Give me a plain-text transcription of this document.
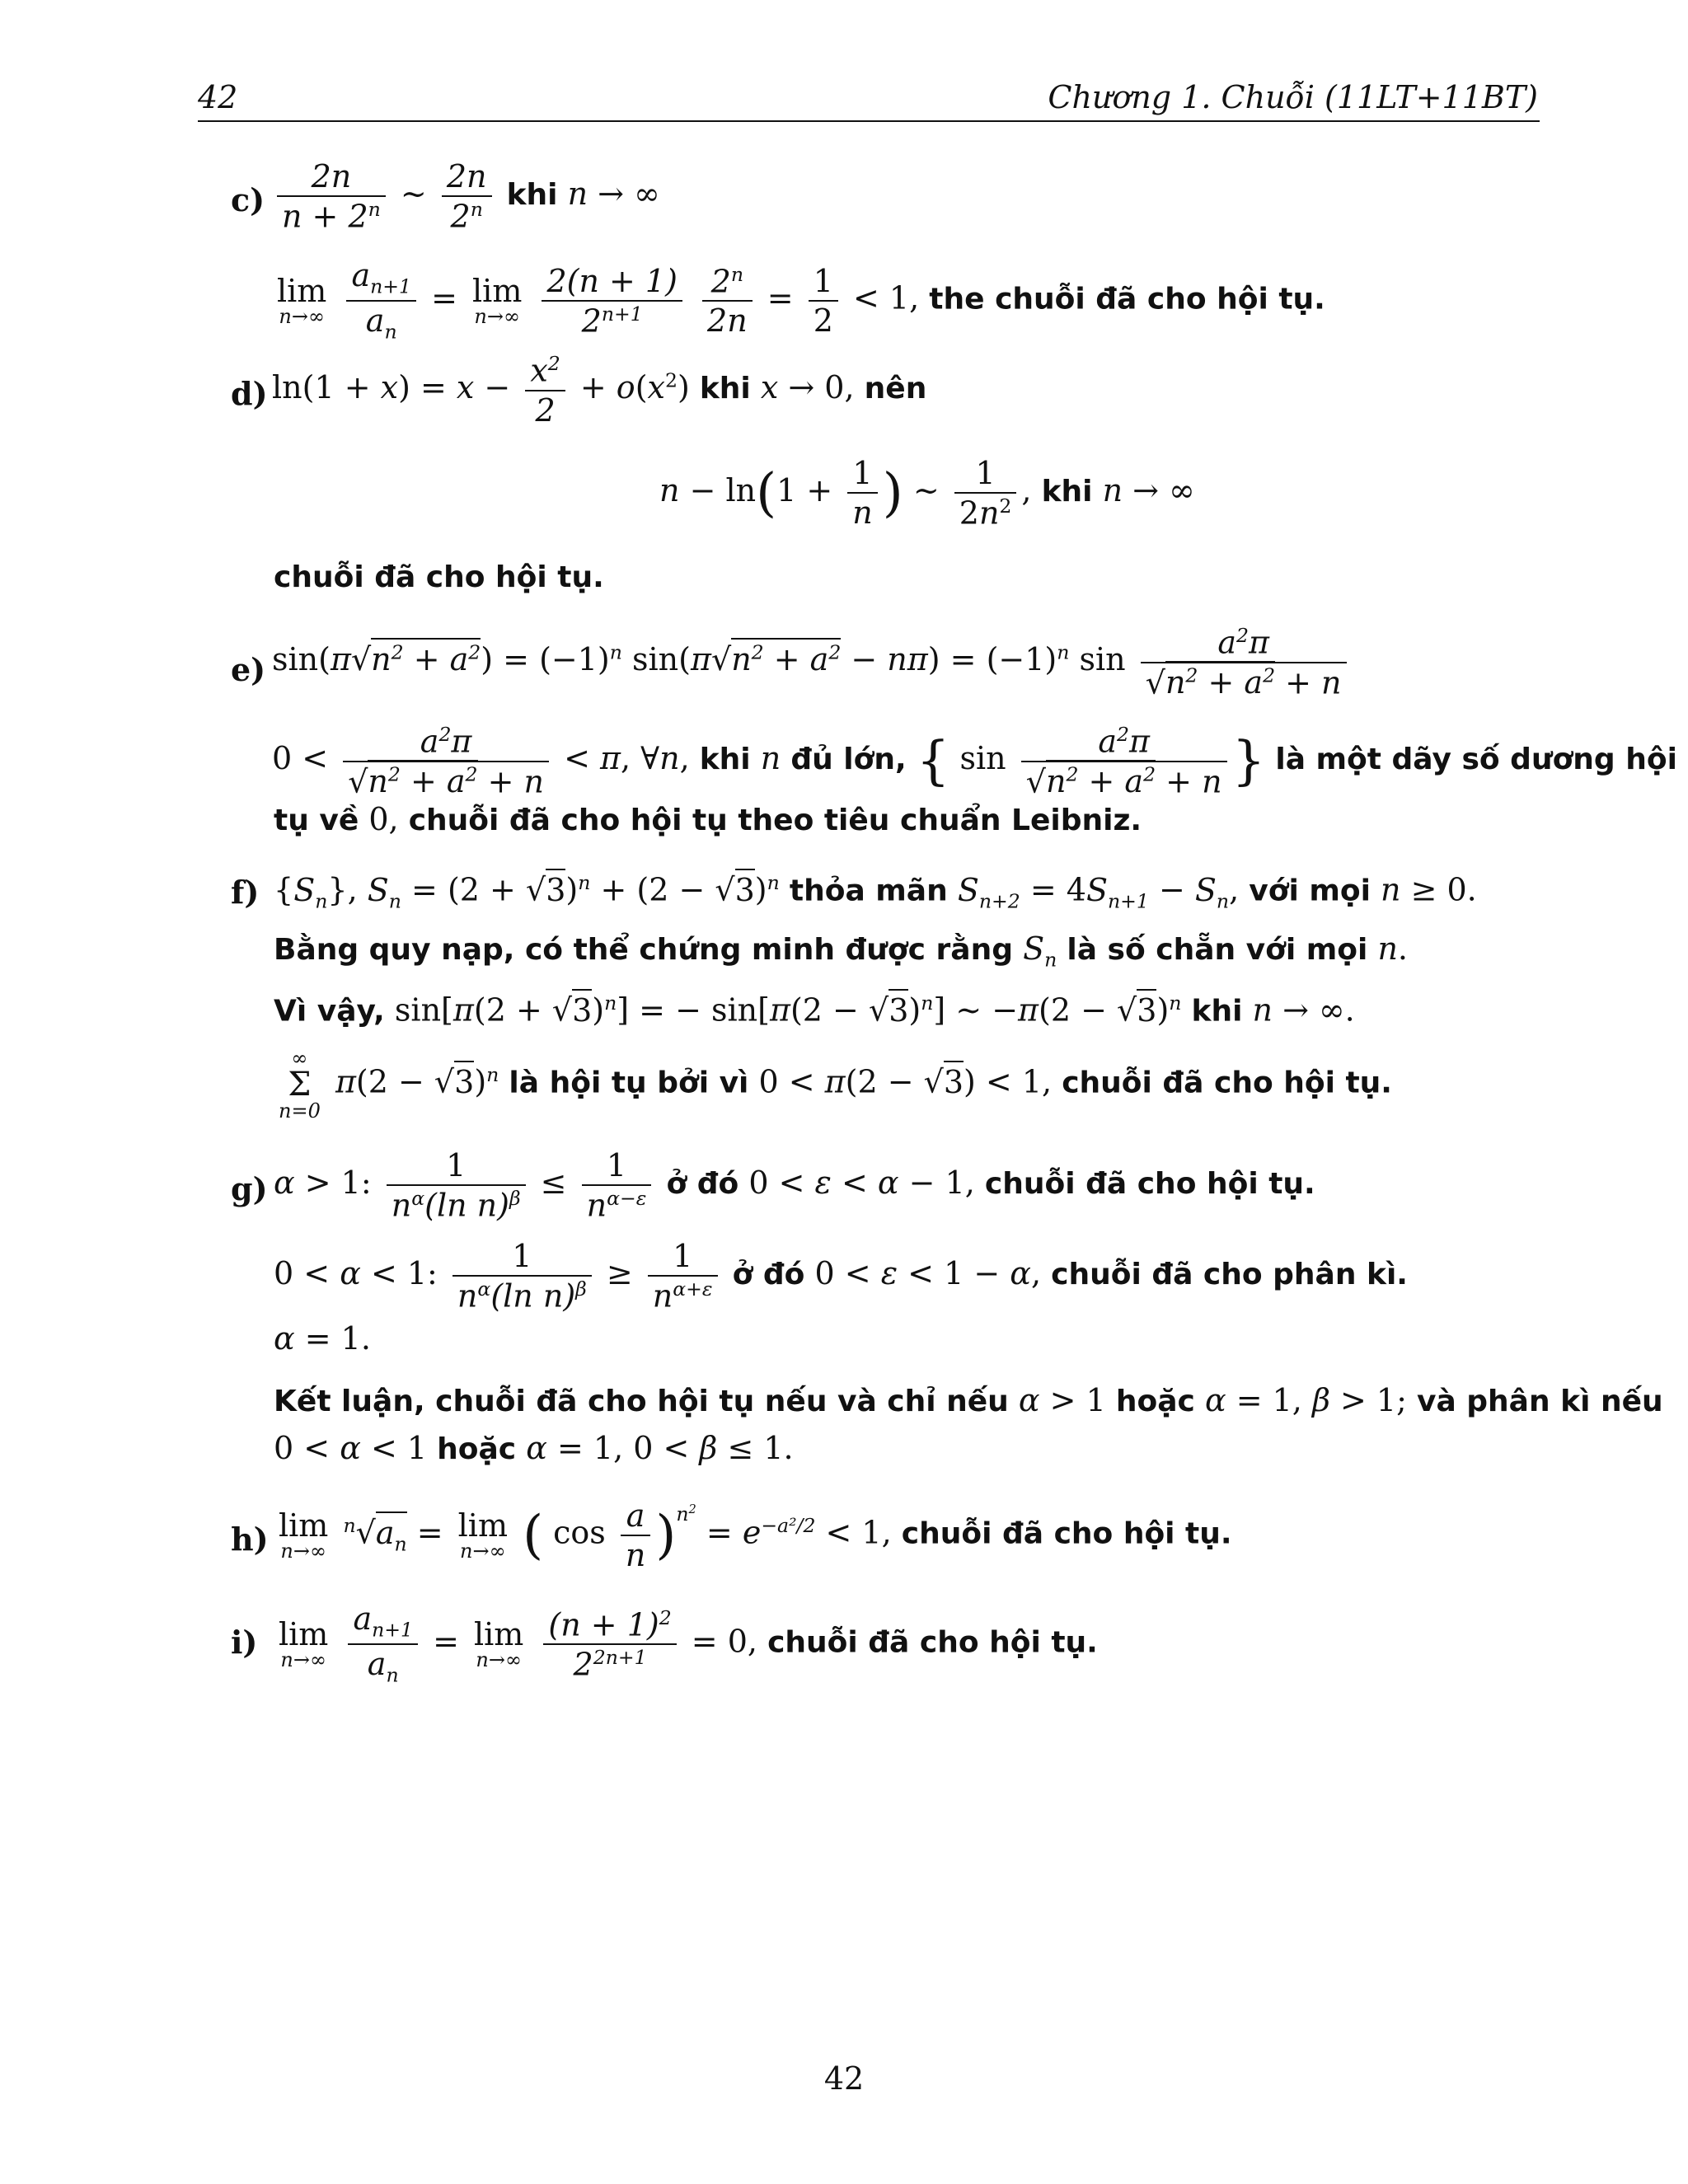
42	Chương 1. Chuỗi (11LT+11BT)
$c) \frac{2n}{n + 2^n}$ ∼ $\frac{2n}{2^n}$ khi n → ∞
lim
n→∞
$\frac{a_{n+1}}{a_n} = \lim$
n→∞
$\frac{2(n + 1)}{2^{n+1}}$
$\frac{2^n}{2n} = \frac{1}{2} < 1$, the chuỗi đã cho hội tụ.
d) $\ln(1 + x) = x - \frac{x^2}{2} + o(x^2)$ khi x → 0, nên
$n - \ln(1 + \frac{1}{n}$ ) ∼ $\frac{1}{2n^2}$ , khi n → ∞
chuỗi đã cho hội tụ.
e) $\sin(\pi√n^2 + a^2) = (-1)^n$ $\sin(\pi√n^2 + a^2 - n\pi) = (-1)^n$ $\sin \frac{a^2\pi}{√n^2 + a^2 + n}$
$0 < \frac{a^2\pi}{√n^2 + a^2 + n} < \pi$, ∀n, khi n đủ lớn, { $\sin \frac{a^2\pi}{√n^2 + a^2 + n}$ } là một dãy số dương hội
tụ về 0, chuỗi đã cho hội tụ theo tiêu chuẩn Leibniz.
f) $\{S_n\}$, $S_n = (2 + √3)^n + (2 - √3)^n$ thỏa mãn $S_{n+2} = 4S_{n+1} - S_n$, với mọi n ≥ 0.
Bằng quy nạp, có thể chứng minh được rằng $S_n$ là số chẵn với mọi n.
Vì vậy, $\sin[\pi(2 + √3)^n]$ = − $\sin[\pi(2 - √3)^n]$ ∼ $-\pi(2 - √3)^n$ khi n → ∞.
∞
Σ
n=0
$\pi(2 - √3)^n$ là hội tụ bởi vì 0 < π(2 − √3) < 1, chuỗi đã cho hội tụ.
g) α > 1: $\frac{1}{n^\alpha(\ln n)^\beta} \le \frac{1}{n^{\alpha-\varepsilon}}$ ở đó 0 < ε < α − 1, chuỗi đã cho hội tụ.
0 < α < 1: $\frac{1}{n^\alpha(\ln n)^\beta} \ge \frac{1}{n^{\alpha+\varepsilon}}$ ở đó 0 < ε < 1 − α, chuỗi đã cho phân kì.
α = 1.
Kết luận, chuỗi đã cho hội tụ nếu và chỉ nếu α > 1 hoặc α = 1, β > 1; và phân kì nếu
0 < α < 1 hoặc α = 1, 0 < β ≤ 1.
h) lim
n→∞
$^n√a_n = \lim$
n→∞ ( $\cos \frac{a}{n} )^{n^2} = e^{-a^2/2} < 1$, chuỗi đã cho hội tụ.
i) lim
n→∞
$\frac{a_{n+1}}{a_n} = \lim$
n→∞
$\frac{(n + 1)^2}{2^{2n+1}} = 0$, chuỗi đã cho hội tụ.
42
